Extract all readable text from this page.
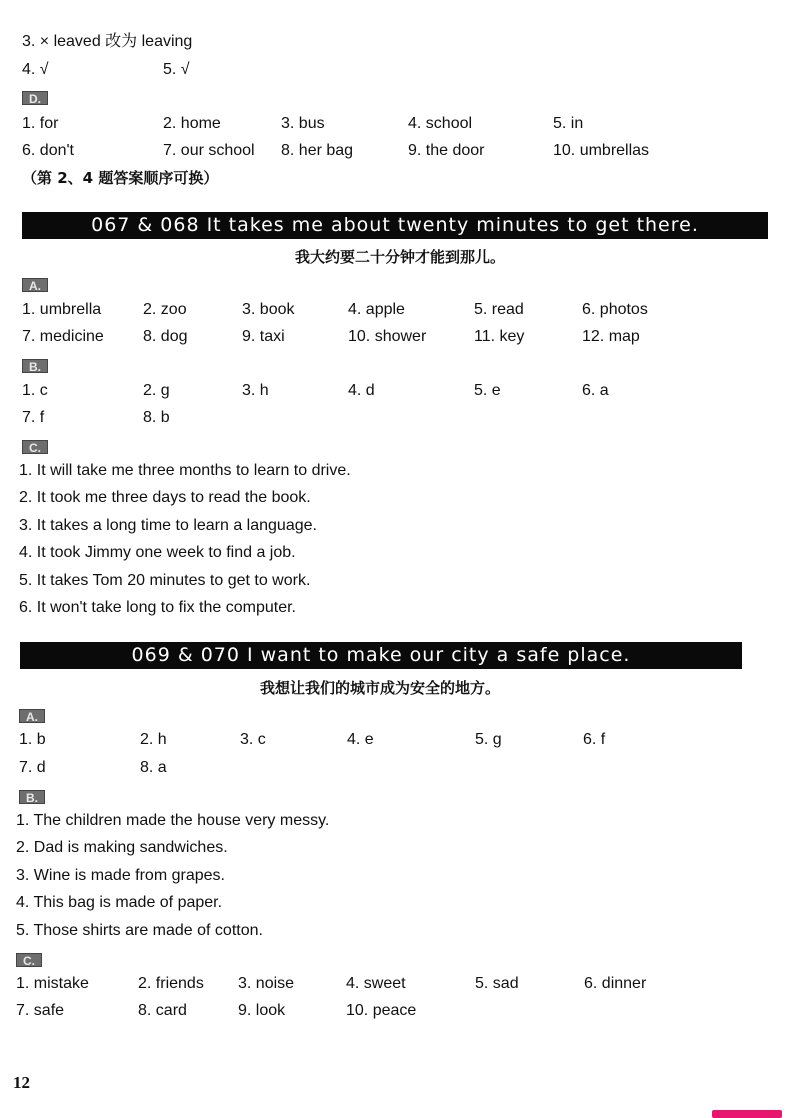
3. × leaved 改为 leaving
4. √	5. √
D.
1. for	2. home	3. bus	4. school	5. in
6. don't	7. our school 8. her bag	9. the door	10. umbrellas
（第 2、4 题答案顺序可换）
067 & 068 It takes me about twenty minutes to get there.
我大约要二十分钟才能到那儿。
A.
1. umbrella	2. zoo	3. book	4. apple	5. read	6. photos
7. medicine 8. dog	9. taxi	10. shower	11. key	12. map
B.
1. c	2. g	3. h	4. d	5. e	6. a
7. f	8. b
C.
1. It will take me three months to learn to drive.
2. It took me three days to read the book.
3. It takes a long time to learn a language.
4. It took Jimmy one week to find a job.
5. It takes Tom 20 minutes to get to work.
6. It won't take long to fix the computer.
069 & 070 I want to make our city a safe place.
我想让我们的城市成为安全的地方。
A.
1. b	2. h	3. c	4. e	5. g	6. f
7. d	8. a
B.
1. The children made the house very messy.
2. Dad is making sandwiches.
3. Wine is made from grapes.
4. This bag is made of paper.
5. Those shirts are made of cotton.
C.
1. mistake	2. friends 3. noise	4. sweet	5. sad	6. dinner
7. safe	8. card	9. look	10. peace
12
